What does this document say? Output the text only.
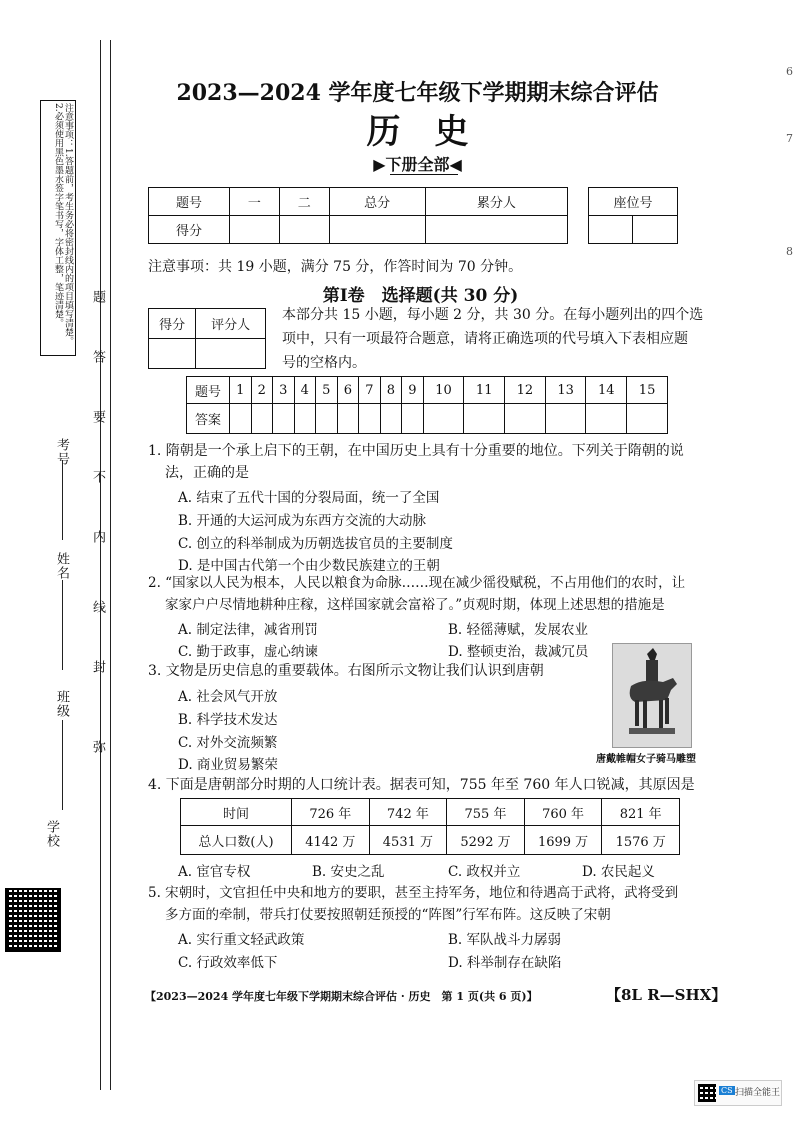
注意事项：1.答题前，考生务必将密封线内的项目填写清楚。2.必须使用黑色墨水签字笔书写，字体工整，笔迹清楚。
考号
姓名
班级
学校
弥
封
线
内
不
要
答
题
6
7
8
2023—2024 学年度七年级下学期期末综合评估
历　史
▶下册全部◀
题号	一	二	总分	累分人
得分				
座位号

注意事项：共 19 小题，满分 75 分，作答时间为 70 分钟。
第Ⅰ卷　选择题(共 30 分)
得分	评分人

本部分共 15 小题，每小题 2 分，共 30 分。在每小题列出的四个选
项中，只有一项最符合题意，请将正确选项的代号填入下表相应题
号的空格内。
题号	1	2	3	4	5	6	7	8	9	10	11	12	13	14	15
答案															
1. 隋朝是一个承上启下的王朝，在中国历史上具有十分重要的地位。下列关于隋朝的说
法，正确的是
A. 结束了五代十国的分裂局面，统一了全国
B. 开通的大运河成为东西方交流的大动脉
C. 创立的科举制成为历朝选拔官员的主要制度
D. 是中国古代第一个由少数民族建立的王朝
2. “国家以人民为根本，人民以粮食为命脉……现在减少徭役赋税，不占用他们的农时，让
家家户户尽情地耕种庄稼，这样国家就会富裕了。”贞观时期，体现上述思想的措施是
A. 制定法律，减省刑罚	B. 轻徭薄赋，发展农业
C. 勤于政事，虚心纳谏	D. 整顿吏治，裁减冗员
3. 文物是历史信息的重要载体。右图所示文物让我们认识到唐朝
A. 社会风气开放
B. 科学技术发达
C. 对外交流频繁
D. 商业贸易繁荣	唐戴帷帽女子骑马雕塑
4. 下面是唐朝部分时期的人口统计表。据表可知，755 年至 760 年人口锐减，其原因是
时间	726 年	742 年	755 年	760 年	821 年
总人口数(人)	4142 万	4531 万	5292 万	1699 万	1576 万
A. 宦官专权	B. 安史之乱	C. 政权并立	D. 农民起义
5. 宋朝时，文官担任中央和地方的要职，甚至主持军务，地位和待遇高于武将，武将受到
多方面的牵制，带兵打仗要按照朝廷预授的“阵图”行军布阵。这反映了宋朝
A. 实行重文轻武政策	B. 军队战斗力孱弱
C. 行政效率低下	D. 科举制存在缺陷
【2023—2024 学年度七年级下学期期末综合评估 · 历史　第 1 页(共 6 页)】	【8L R—SHX】
CS 扫描全能王
